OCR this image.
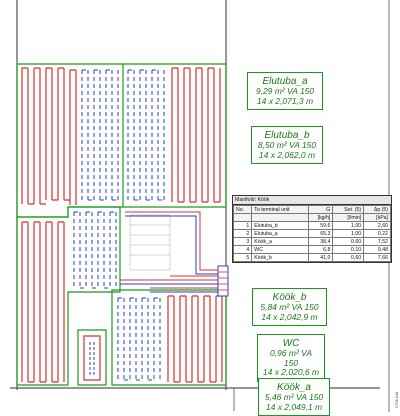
Elutuba_a
9,29 m² VA 150
14 x 2,071,3 m
Elutuba_b
8,50 m² VA 150
14 x 2,062,0 m
Köök_b
5,84 m² VA 150
14 x 2,042,9 m
WC
0,96 m² VA 150
14 x 2,020,6 m
Köök_a
5,46 m² VA 150
14 x 2,049,1 m
Manifold: Köök
No.	To terminal unit	G	Set. (5)	Δp (5)
		[kg/h]	[l/min]	[kPa]
1	Elutuba_b	59,6	1,00	2,60
2	Elutuba_a	65,3	1,00	0,22
3	Köök_a	38,4	0,60	7,52
4	WC	6,8	0,10	9,48
5	Köök_b	41,0	0,60	7,66
1706-AM
